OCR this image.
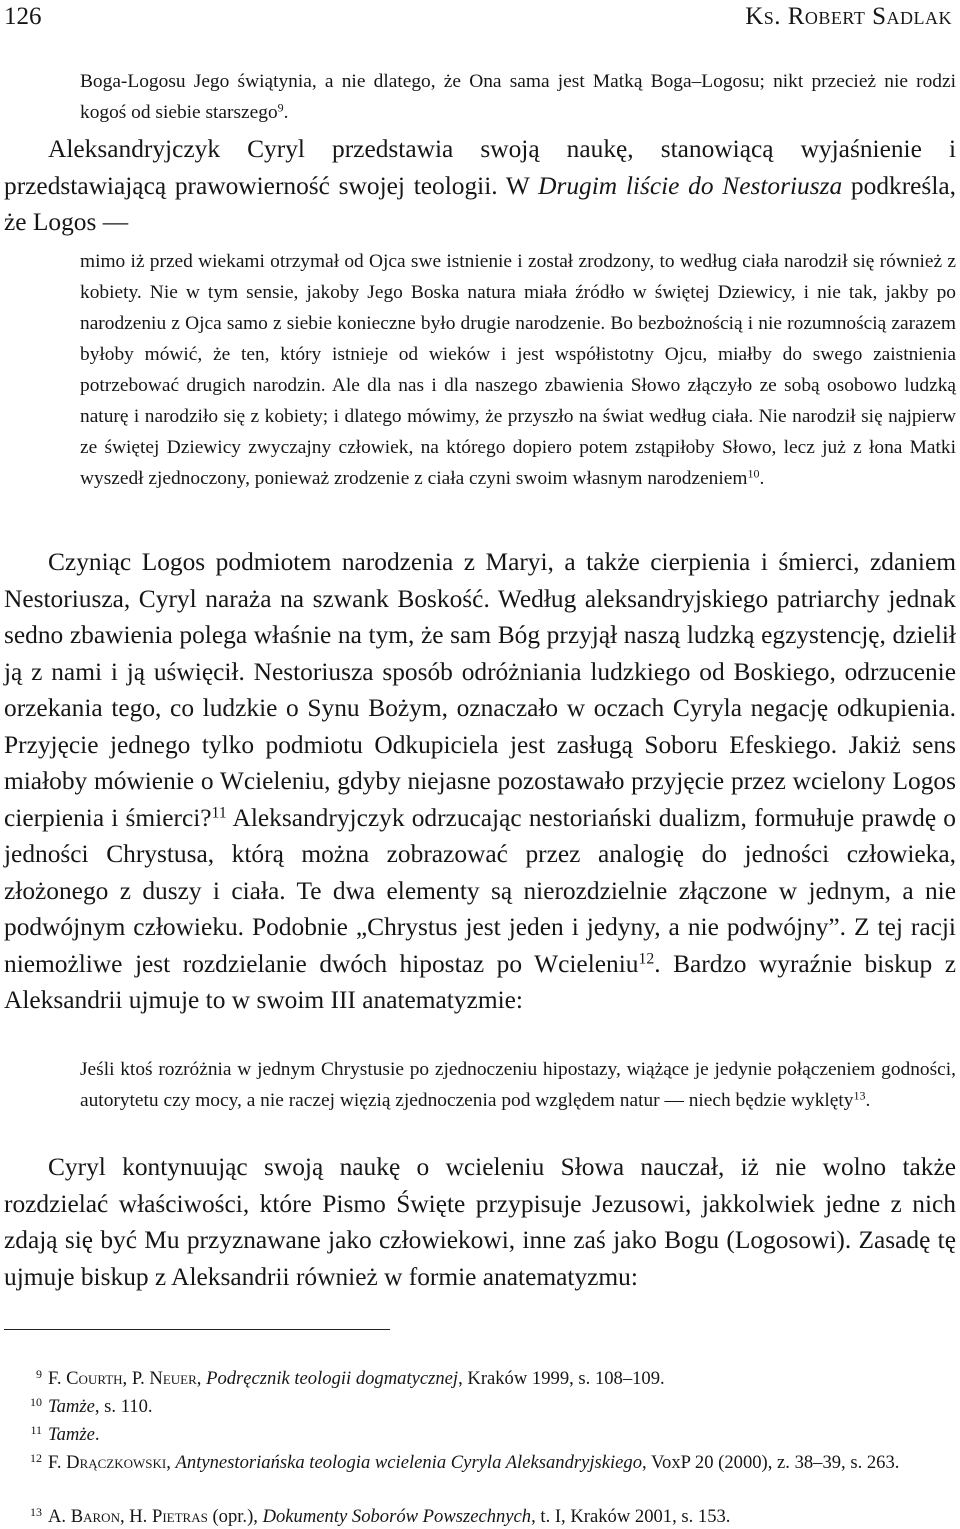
126	Ks. Robert Sadlak
Boga-Logosu Jego świątynia, a nie dlatego, że Ona sama jest Matką Boga–Logosu; nikt przecież nie rodzi kogoś od siebie starszego$^9$.
Aleksandryjczyk Cyryl przedstawia swoją naukę, stanowiącą wyjaśnienie i przedstawiającą prawowierność swojej teologii. W Drugim liście do Nestoriusza podkreśla, że Logos —
mimo iż przed wiekami otrzymał od Ojca swe istnienie i został zrodzony, to według ciała narodził się również z kobiety. Nie w tym sensie, jakoby Jego Boska natura miała źródło w świętej Dziewicy, i nie tak, jakby po narodzeniu z Ojca samo z siebie konieczne było drugie narodzenie. Bo bezbożnością i nie rozumnością zarazem byłoby mówić, że ten, który istnieje od wieków i jest współistotny Ojcu, miałby do swego zaistnienia potrzebować drugich narodzin. Ale dla nas i dla naszego zbawienia Słowo złączyło ze sobą osobowo ludzką naturę i narodziło się z kobiety; i dlatego mówimy, że przyszło na świat według ciała. Nie narodził się najpierw ze świętej Dziewicy zwyczajny człowiek, na którego dopiero potem zstąpiłoby Słowo, lecz już z łona Matki wyszedł zjednoczony, ponieważ zrodzenie z ciała czyni swoim własnym narodzeniem$^{10}$.
Czyniąc Logos podmiotem narodzenia z Maryi, a także cierpienia i śmierci, zdaniem Nestoriusza, Cyryl naraża na szwank Boskość. Według aleksandryjskiego patriarchy jednak sedno zbawienia polega właśnie na tym, że sam Bóg przyjął naszą ludzką egzystencję, dzielił ją z nami i ją uświęcił. Nestoriusza sposób odróżniania ludzkiego od Boskiego, odrzucenie orzekania tego, co ludzkie o Synu Bożym, oznaczało w oczach Cyryla negację odkupienia. Przyjęcie jednego tylko podmiotu Odkupiciela jest zasługą Soboru Efeskiego. Jakiż sens miałoby mówienie o Wcieleniu, gdyby niejasne pozostawało przyjęcie przez wcielony Logos cierpienia i śmierci?$^{11}$ Aleksandryjczyk odrzucając nestoriański dualizm, formułuje prawdę o jedności Chrystusa, którą można zobrazować przez analogię do jedności człowieka, złożonego z duszy i ciała. Te dwa elementy są nierozdzielnie złączone w jednym, a nie podwójnym człowieku. Podobnie „Chrystus jest jeden i jedyny, a nie podwójny”. Z tej racji niemożliwe jest rozdzielanie dwóch hipostaz po Wcieleniu$^{12}$. Bardzo wyraźnie biskup z Aleksandrii ujmuje to w swoim III anatematyzmie:
Jeśli ktoś rozróżnia w jednym Chrystusie po zjednoczeniu hipostazy, wiążące je jedynie połączeniem godności, autorytetu czy mocy, a nie raczej więzią zjednoczenia pod względem natur — niech będzie wyklęty$^{13}$.
Cyryl kontynuując swoją naukę o wcieleniu Słowa nauczał, iż nie wolno także rozdzielać właściwości, które Pismo Święte przypisuje Jezusowi, jakkolwiek jedne z nich zdają się być Mu przyznawane jako człowiekowi, inne zaś jako Bogu (Logosowi). Zasadę tę ujmuje biskup z Aleksandrii również w formie anatematyzmu:
9 F. Courth, P. Neuer, Podręcznik teologii dogmatycznej, Kraków 1999, s. 108–109.
10 Tamże, s. 110.
11 Tamże.
12 F. Drączkowski, Antynestoriańska teologia wcielenia Cyryla Aleksandryjskiego, VoxP 20 (2000), z. 38–39, s. 263.
13 A. Baron, H. Pietras (opr.), Dokumenty Soborów Powszechnych, t. I, Kraków 2001, s. 153.
